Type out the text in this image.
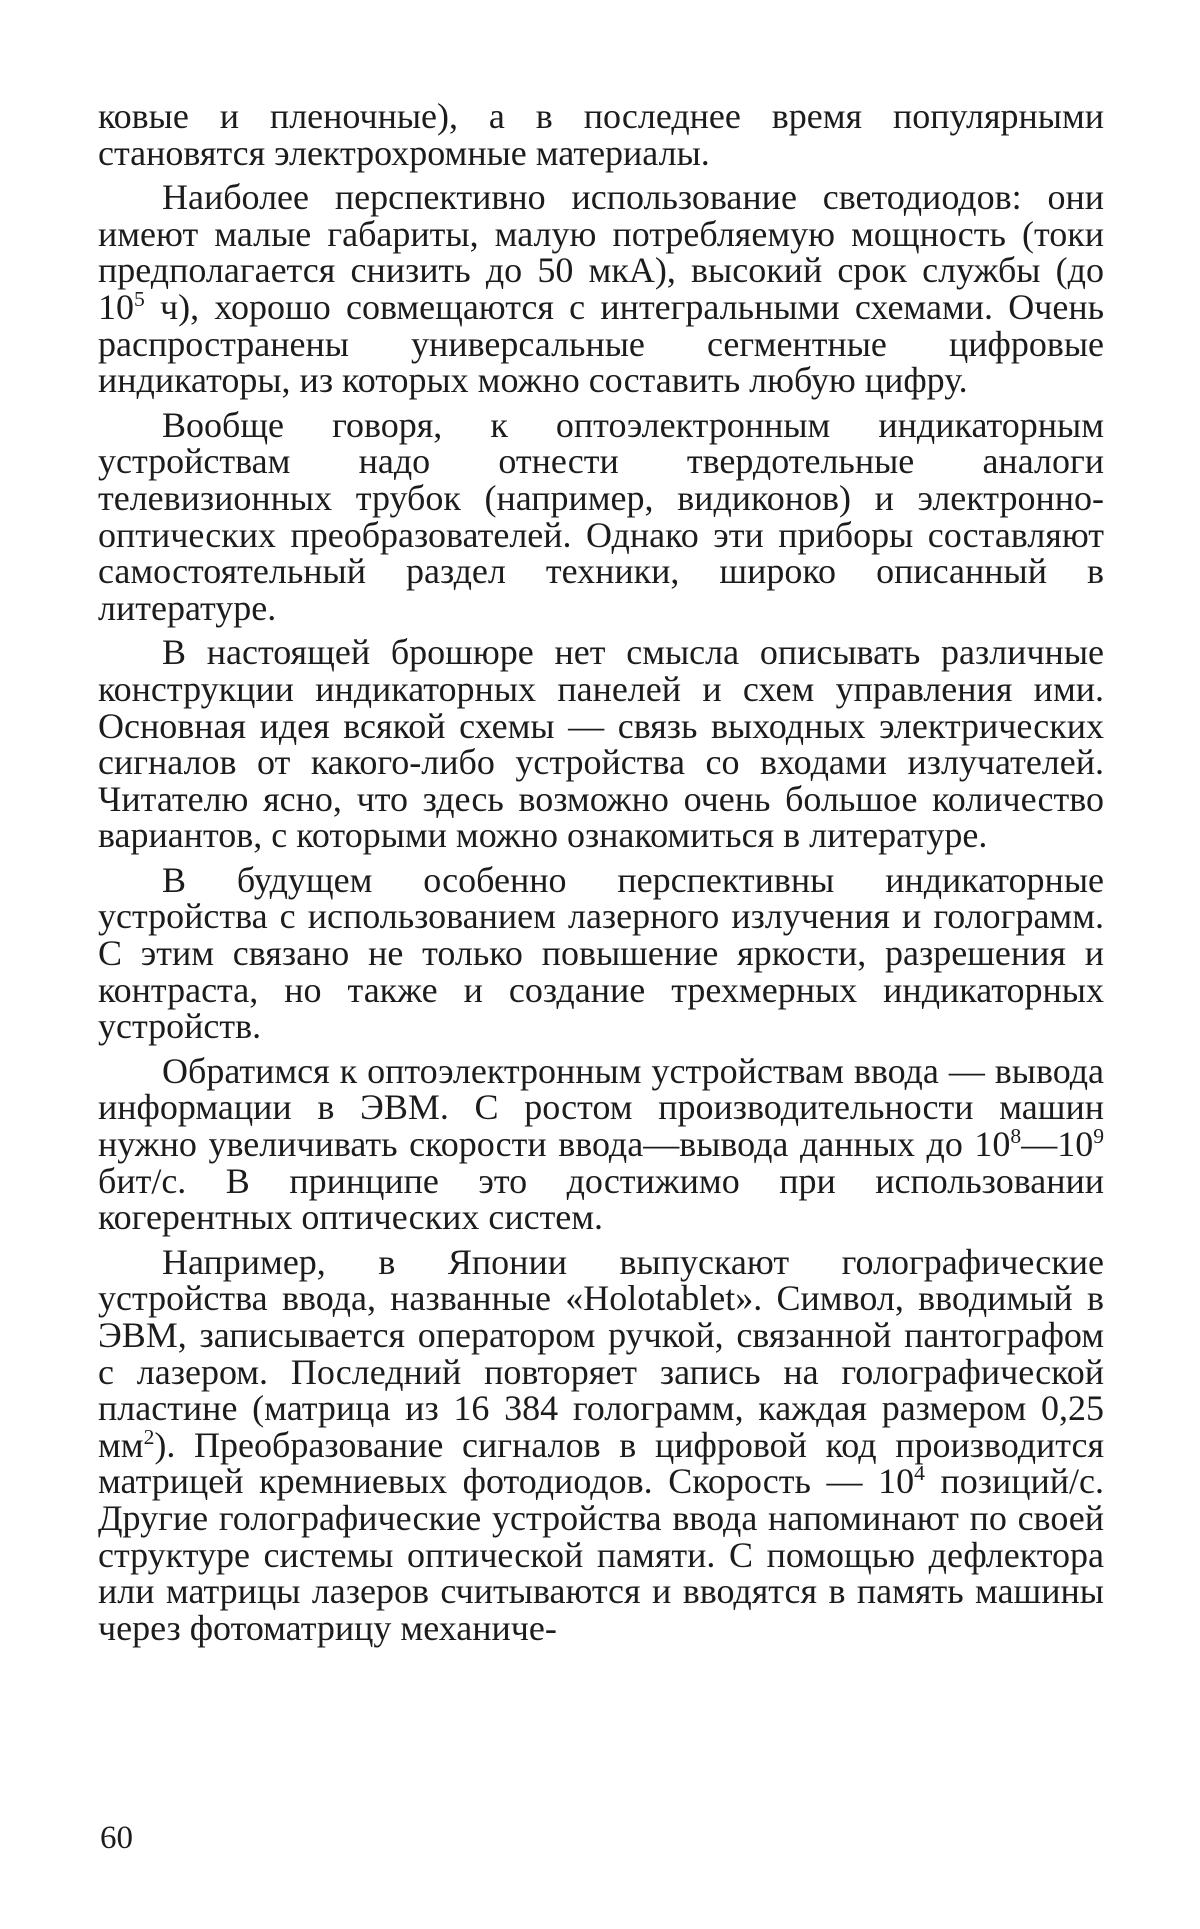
ковые и пленочные), а в последнее время популярными становятся электрохромные материалы.

Наиболее перспективно использование светодиодов: они имеют малые габариты, малую потребляемую мощность (токи предполагается снизить до 50 мкА), высокий срок службы (до $10^5$ ч), хорошо совмещаются с интегральными схемами. Очень распространены универсальные сегментные цифровые индикаторы, из которых можно составить любую цифру.

Вообще говоря, к оптоэлектронным индикаторным устройствам надо отнести твердотельные аналоги телевизионных трубок (например, видиконов) и электронно-оптических преобразователей. Однако эти приборы составляют самостоятельный раздел техники, широко описанный в литературе.

В настоящей брошюре нет смысла описывать различные конструкции индикаторных панелей и схем управления ими. Основная идея всякой схемы — связь выходных электрических сигналов от какого-либо устройства со входами излучателей. Читателю ясно, что здесь возможно очень большое количество вариантов, с которыми можно ознакомиться в литературе.

В будущем особенно перспективны индикаторные устройства с использованием лазерного излучения и голограмм. С этим связано не только повышение яркости, разрешения и контраста, но также и создание трехмерных индикаторных устройств.

Обратимся к оптоэлектронным устройствам ввода — вывода информации в ЭВМ. С ростом производительности машин нужно увеличивать скорости ввода—вывода данных до $10^8—10^9$ бит/с. В принципе это достижимо при использовании когерентных оптических систем.

Например, в Японии выпускают голографические устройства ввода, названные «Holotablet». Символ, вводимый в ЭВМ, записывается оператором ручкой, связанной пантографом с лазером. Последний повторяет запись на голографической пластине (матрица из 16 384 голограмм, каждая размером 0,25 $мм^2$). Преобразование сигналов в цифровой код производится матрицей кремниевых фотодиодов. Скорость — $10^4$ позиций/с. Другие голографические устройства ввода напоминают по своей структуре системы оптической памяти. С помощью дефлектора или матрицы лазеров считываются и вводятся в память машины через фотоматрицу механиче-

60
